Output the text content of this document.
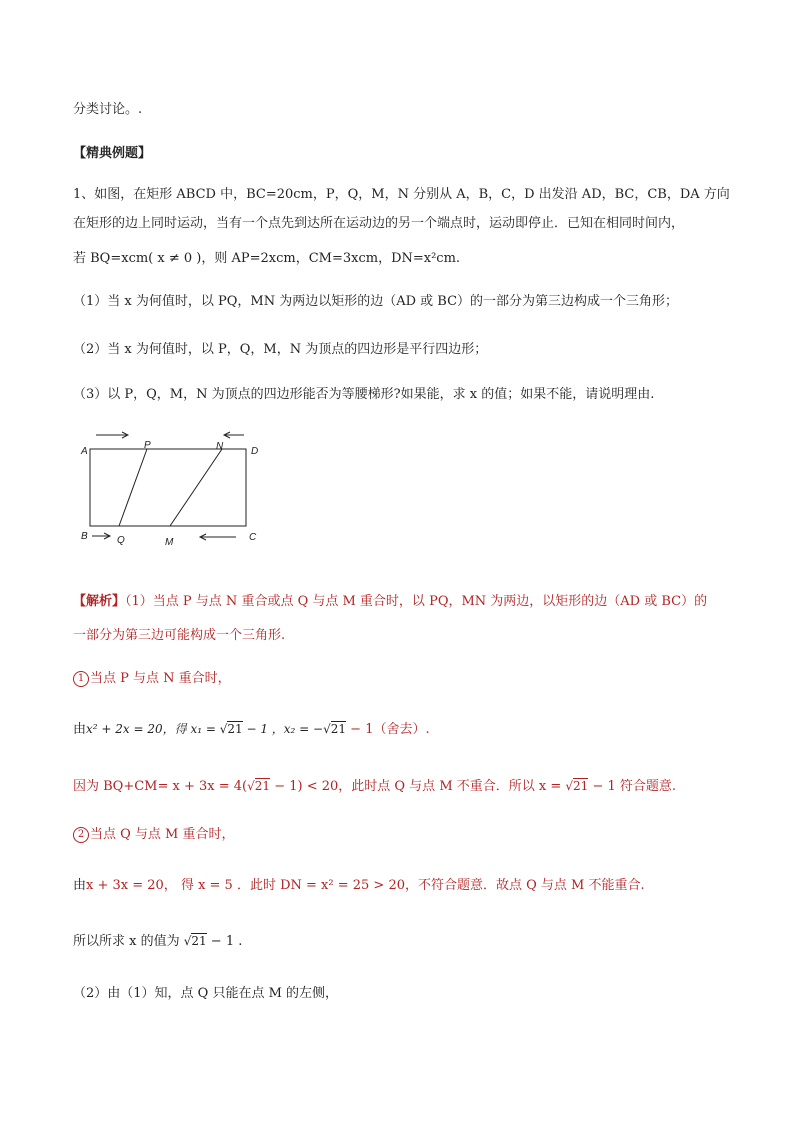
分类讨论。.
【精典例题】
1、如图，在矩形 ABCD 中，BC=20cm，P，Q，M，N 分别从 A，B，C，D 出发沿 AD，BC，CB，DA 方向
在矩形的边上同时运动，当有一个点先到达所在运动边的另一个端点时，运动即停止．已知在相同时间内，
若 BQ=xcm( x ≠ 0 )，则 AP=2xcm，CM=3xcm，DN=x²cm.
（1）当 x 为何值时，以 PQ，MN 为两边以矩形的边（AD 或 BC）的一部分为第三边构成一个三角形；
（2）当 x 为何值时，以 P，Q，M，N 为顶点的四边形是平行四边形；
（3）以 P，Q，M，N 为顶点的四边形能否为等腰梯形?如果能，求 x 的值；如果不能，请说明理由.
A
P	N	D
B	Q	M	C
【解析】（1）当点 P 与点 N 重合或点 Q 与点 M 重合时，以 PQ，MN 为两边，以矩形的边（AD 或 BC）的
一部分为第三边可能构成一个三角形.
1 当点 P 与点 N 重合时，
由x² + 2x = 20，得 x₁ = √21 − 1 ，x₂ = −√21 − 1（舍去）.
因为 BQ+CM= x + 3x = 4(√21 − 1) < 20，此时点 Q 与点 M 不重合．所以 x = √21 − 1 符合题意.
2 当点 Q 与点 M 重合时，
由x + 3x = 20， 得 x = 5 ．此时 DN = x² = 25 > 20，不符合题意．故点 Q 与点 M 不能重合.
所以所求 x 的值为 √21 − 1 .
（2）由（1）知，点 Q 只能在点 M 的左侧，
